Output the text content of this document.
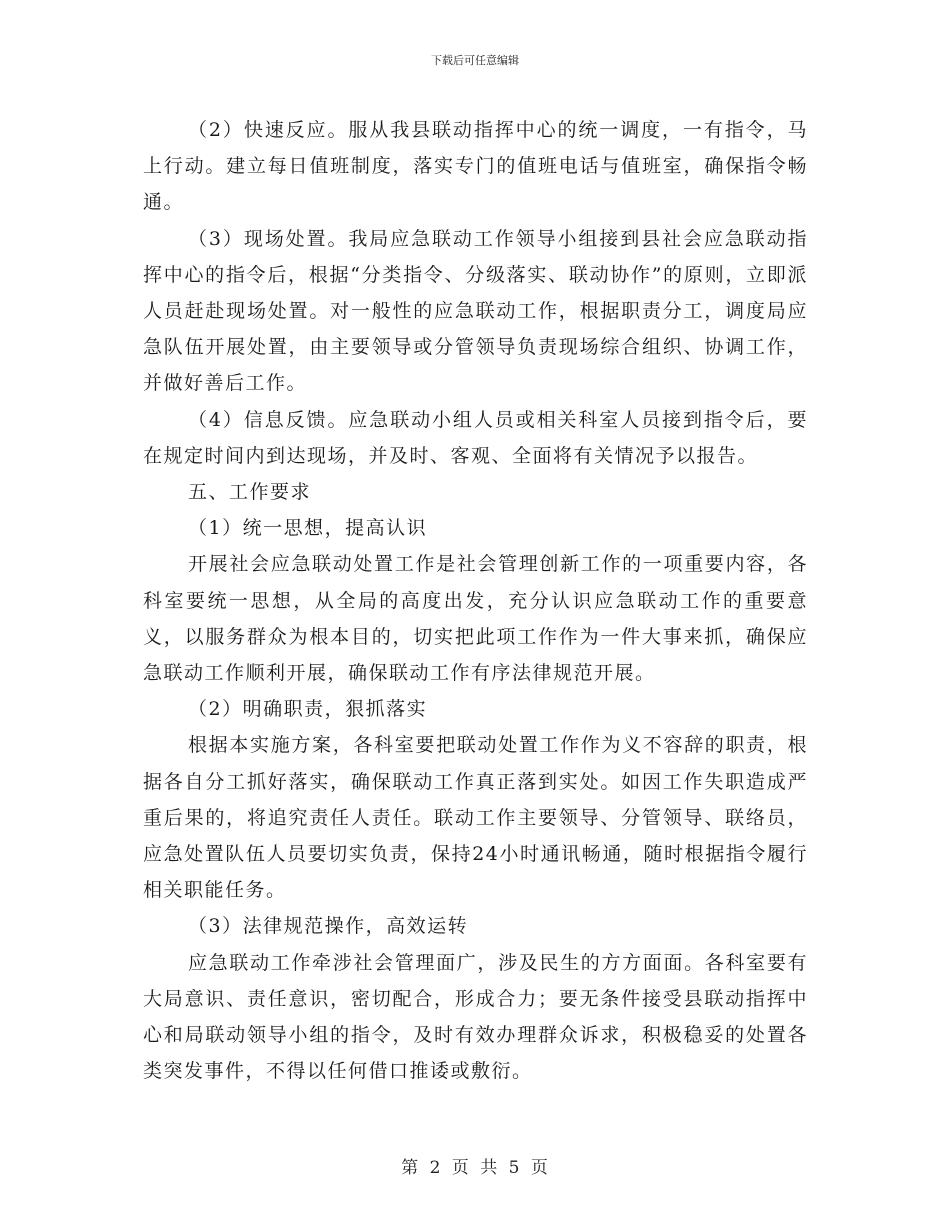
下载后可任意编辑

（2）快速反应。服从我县联动指挥中心的统一调度，一有指令，马上行动。建立每日值班制度，落实专门的值班电话与值班室，确保指令畅通。

（3）现场处置。我局应急联动工作领导小组接到县社会应急联动指挥中心的指令后，根据“分类指令、分级落实、联动协作”的原则，立即派人员赶赴现场处置。对一般性的应急联动工作，根据职责分工，调度局应急队伍开展处置，由主要领导或分管领导负责现场综合组织、协调工作，并做好善后工作。

（4）信息反馈。应急联动小组人员或相关科室人员接到指令后，要在规定时间内到达现场，并及时、客观、全面将有关情况予以报告。

五、工作要求

（1）统一思想，提高认识

开展社会应急联动处置工作是社会管理创新工作的一项重要内容，各科室要统一思想，从全局的高度出发，充分认识应急联动工作的重要意义，以服务群众为根本目的，切实把此项工作作为一件大事来抓，确保应急联动工作顺利开展，确保联动工作有序法律规范开展。

（2）明确职责，狠抓落实

根据本实施方案，各科室要把联动处置工作作为义不容辞的职责，根据各自分工抓好落实，确保联动工作真正落到实处。如因工作失职造成严重后果的，将追究责任人责任。联动工作主要领导、分管领导、联络员，应急处置队伍人员要切实负责，保持24小时通讯畅通，随时根据指令履行相关职能任务。

（3）法律规范操作，高效运转

应急联动工作牵涉社会管理面广，涉及民生的方方面面。各科室要有大局意识、责任意识，密切配合，形成合力；要无条件接受县联动指挥中心和局联动领导小组的指令，及时有效办理群众诉求，积极稳妥的处置各类突发事件，不得以任何借口推诿或敷衍。

第 2 页 共 5 页
